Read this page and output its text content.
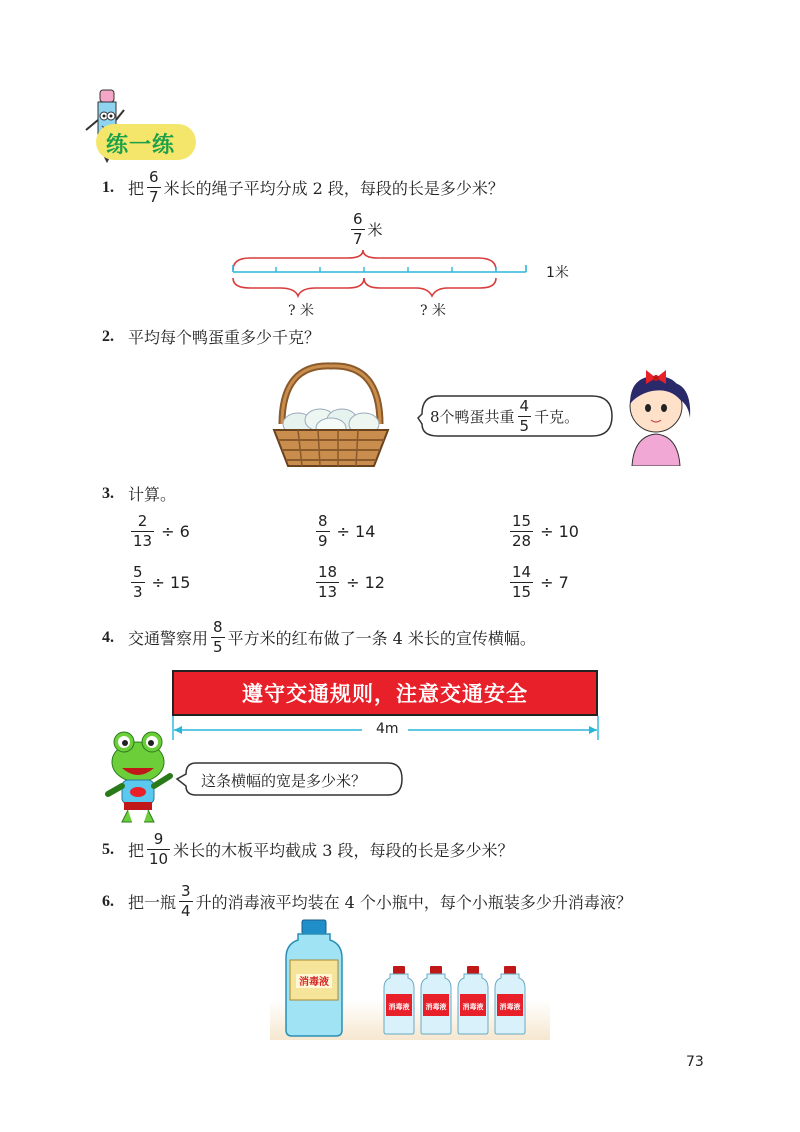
练一练
1. 把 $\frac{6}{7}$ 米长的绳子平均分成 2 段，每段的长是多少米？
$\frac{6}{7}$ 米
1米
? 米	? 米
2. 平均每个鸭蛋重多少千克？
8个鸭蛋共重 $\frac{4}{5}$ 千克。
3. 计算。
$\frac{2}{13} \div 6$	$\frac{8}{9} \div 14$	$\frac{15}{28} \div 10$
$\frac{5}{3} \div 15$	$\frac{18}{13} \div 12$	$\frac{14}{15} \div 7$
4. 交通警察用 $\frac{8}{5}$ 平方米的红布做了一条 4 米长的宣传横幅。
遵守交通规则，注意交通安全
4m
这条横幅的宽是多少米？
5. 把 $\frac{9}{10}$ 米长的木板平均截成 3 段，每段的长是多少米？
6. 把一瓶 $\frac{3}{4}$ 升的消毒液平均装在 4 个小瓶中，每个小瓶装多少升消毒液？
消毒液
消毒液 消毒液 消毒液 消毒液
73
